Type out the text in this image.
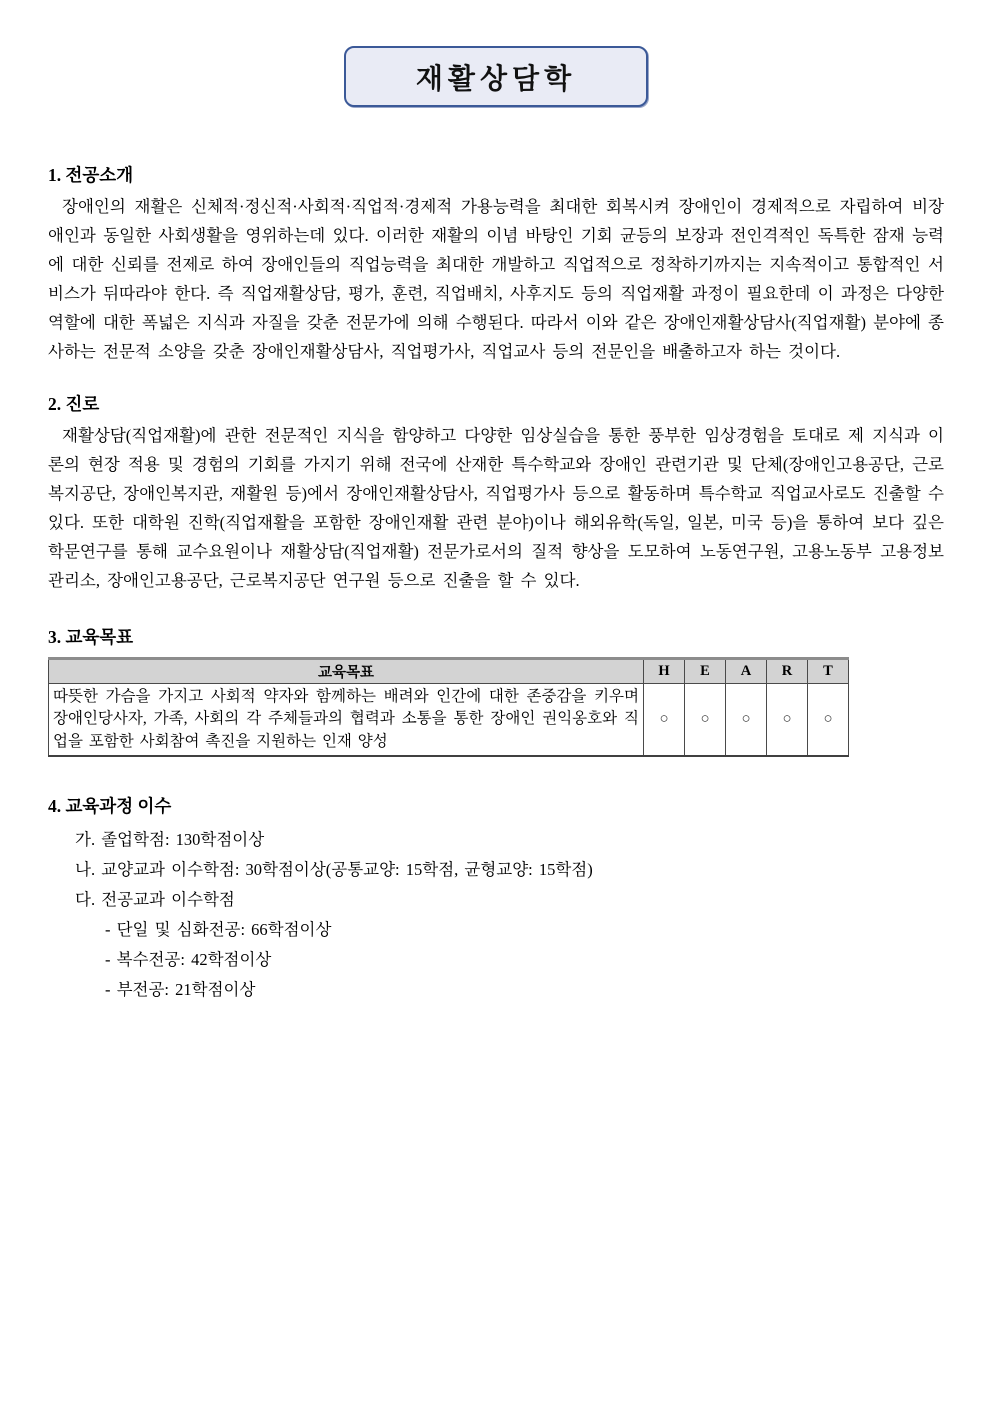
재활상담학
1. 전공소개

장애인의 재활은 신체적·정신적·사회적·직업적·경제적 가용능력을 최대한 회복시켜 장애인이 경제적으로 자립하여 비장애인과 동일한 사회생활을 영위하는데 있다. 이러한 재활의 이념 바탕인 기회 균등의 보장과 전인격적인 독특한 잠재 능력에 대한 신뢰를 전제로 하여 장애인들의 직업능력을 최대한 개발하고 직업적으로 정착하기까지는 지속적이고 통합적인 서비스가 뒤따라야 한다. 즉 직업재활상담, 평가, 훈련, 직업배치, 사후지도 등의 직업재활 과정이 필요한데 이 과정은 다양한 역할에 대한 폭넓은 지식과 자질을 갖춘 전문가에 의해 수행된다. 따라서 이와 같은 장애인재활상담사(직업재활) 분야에 종사하는 전문적 소양을 갖춘 장애인재활상담사, 직업평가사, 직업교사 등의 전문인을 배출하고자 하는 것이다.

2. 진로

재활상담(직업재활)에 관한 전문적인 지식을 함양하고 다양한 임상실습을 통한 풍부한 임상경험을 토대로 제 지식과 이론의 현장 적용 및 경험의 기회를 가지기 위해 전국에 산재한 특수학교와 장애인 관련기관 및 단체(장애인고용공단, 근로복지공단, 장애인복지관, 재활원 등)에서 장애인재활상담사, 직업평가사 등으로 활동하며 특수학교 직업교사로도 진출할 수 있다. 또한 대학원 진학(직업재활을 포함한 장애인재활 관련 분야)이나 해외유학(독일, 일본, 미국 등)을 통하여 보다 깊은 학문연구를 통해 교수요원이나 재활상담(직업재활) 전문가로서의 질적 향상을 도모하여 노동연구원, 고용노동부 고용정보관리소, 장애인고용공단, 근로복지공단 연구원 등으로 진출을 할 수 있다.

3. 교육목표
교육목표	H	E	A	R	T
따뜻한 가슴을 가지고 사회적 약자와 함께하는 배려와 인간에 대한 존중감을 키우며 장애인당사자, 가족, 사회의 각 주체들과의 협력과 소통을 통한 장애인 권익옹호와 직업을 포함한 사회참여 촉진을 지원하는 인재 양성	○	○	○	○	○
4. 교육과정 이수
가. 졸업학점: 130학점이상
나. 교양교과 이수학점: 30학점이상(공통교양: 15학점, 균형교양: 15학점)
다. 전공교과 이수학점
- 단일 및 심화전공: 66학점이상
- 복수전공: 42학점이상
- 부전공: 21학점이상
